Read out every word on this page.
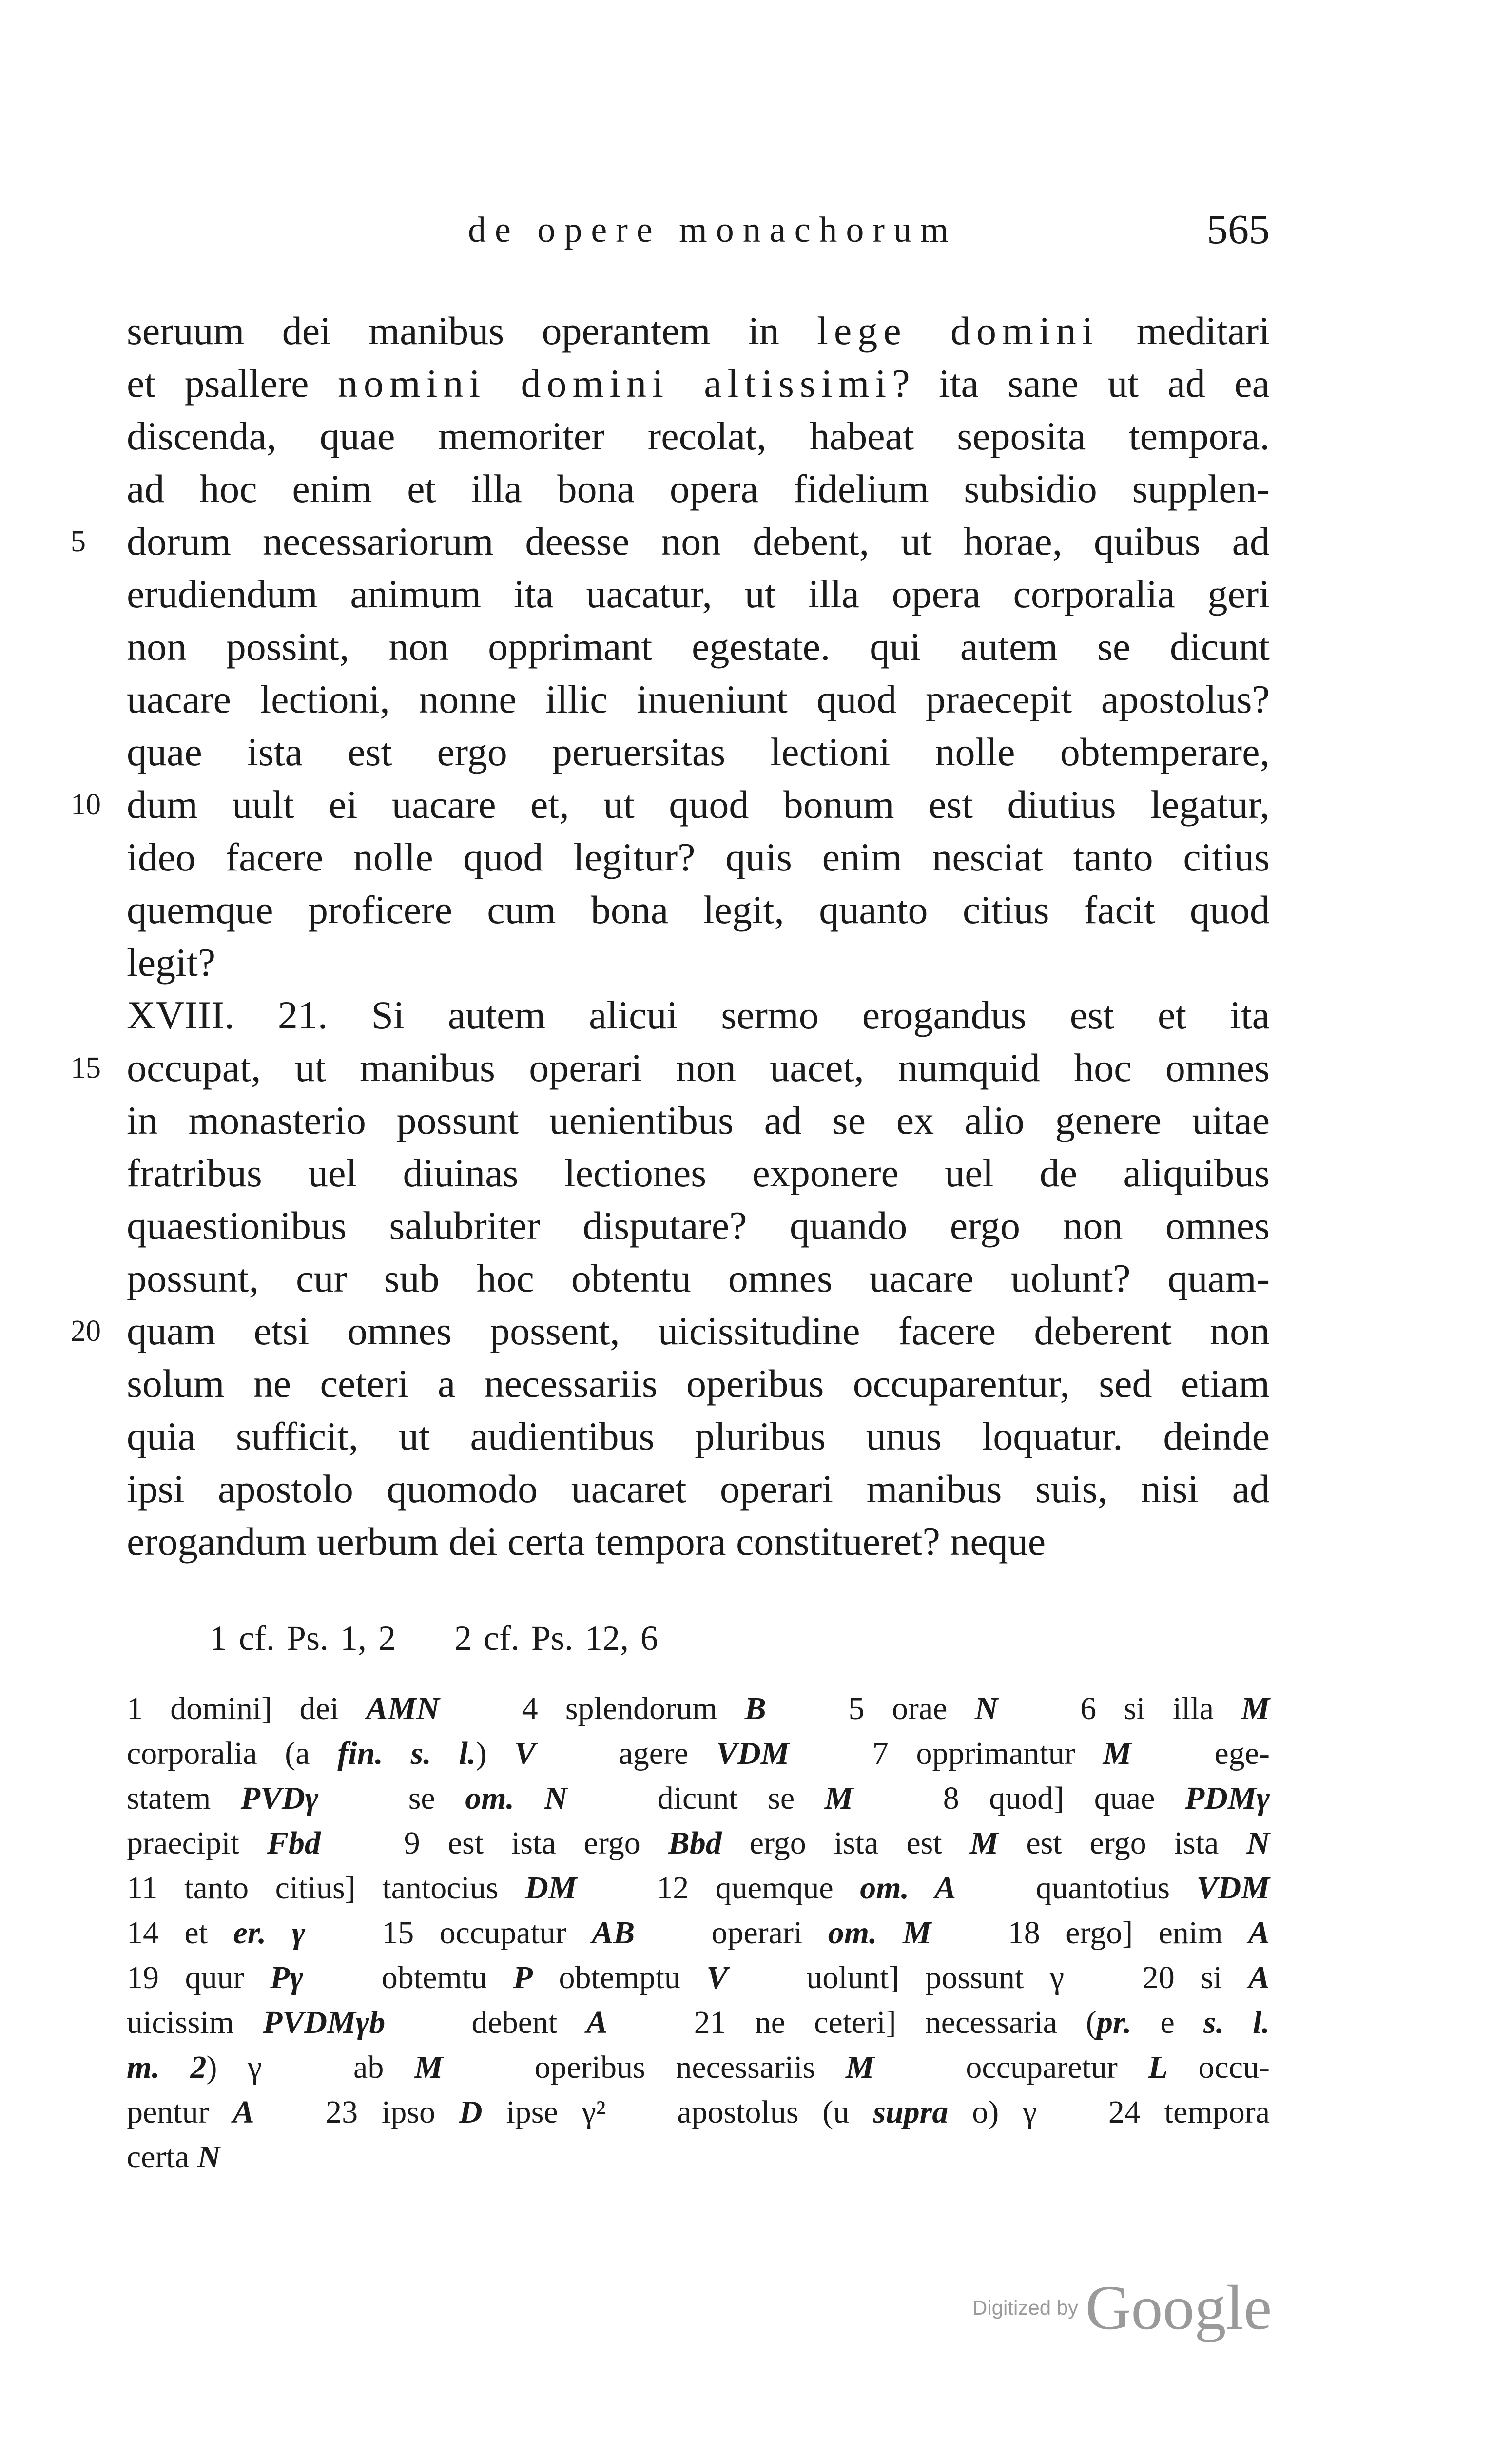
de opere monachorum	565
seruum dei manibus operantem in lege domini meditari
et psallere nomini domini altissimi? ita sane ut ad ea
discenda, quae memoriter recolat, habeat seposita tempora.
ad hoc enim et illa bona opera fidelium subsidio supplen-
5 dorum necessariorum deesse non debent, ut horae, quibus ad
erudiendum animum ita uacatur, ut illa opera corporalia geri
non possint, non opprimant egestate. qui autem se dicunt
uacare lectioni, nonne illic inueniunt quod praecepit apostolus?
quae ista est ergo peruersitas lectioni nolle obtemperare,
10 dum uult ei uacare et, ut quod bonum est diutius legatur,
ideo facere nolle quod legitur? quis enim nesciat tanto citius
quemque proficere cum bona legit, quanto citius facit quod
legit?
XVIII. 21. Si autem alicui sermo erogandus est et ita
15 occupat, ut manibus operari non uacet, numquid hoc omnes
in monasterio possunt uenientibus ad se ex alio genere uitae
fratribus uel diuinas lectiones exponere uel de aliquibus
quaestionibus salubriter disputare? quando ergo non omnes
possunt, cur sub hoc obtentu omnes uacare uolunt? quam-
20 quam etsi omnes possent, uicissitudine facere deberent non
solum ne ceteri a necessariis operibus occuparentur, sed etiam
quia sufficit, ut audientibus pluribus unus loquatur. deinde
ipsi apostolo quomodo uacaret operari manibus suis, nisi ad
erogandum uerbum dei certa tempora constitueret? neque
1 cf. Ps. 1, 2 2 cf. Ps. 12, 6
1 domini] dei AMN   4 splendorum B   5 orae N   6 si illa M
corporalia (a fin. s. l.) V   agere VDM   7 opprimantur M   ege-
statem PVDγ   se om. N   dicunt se M   8 quod] quae PDMγ
praecipit Fbd   9 est ista ergo Bbd ergo ista est M est ergo ista N
11 tanto citius] tantocius DM   12 quemque om. A   quantotius VDM
14 et er. γ   15 occupatur AB   operari om. M   18 ergo] enim A
19 quur Pγ   obtemtu P obtemptu V   uolunt] possunt γ   20 si A
uicissim PVDMγb   debent A   21 ne ceteri] necessaria (pr. e s. l.
m. 2) γ   ab M   operibus necessariis M   occuparetur L occu-
pentur A   23 ipso D ipse γ²   apostolus (u supra o) γ   24 tempora
certa N
Digitized by Google
